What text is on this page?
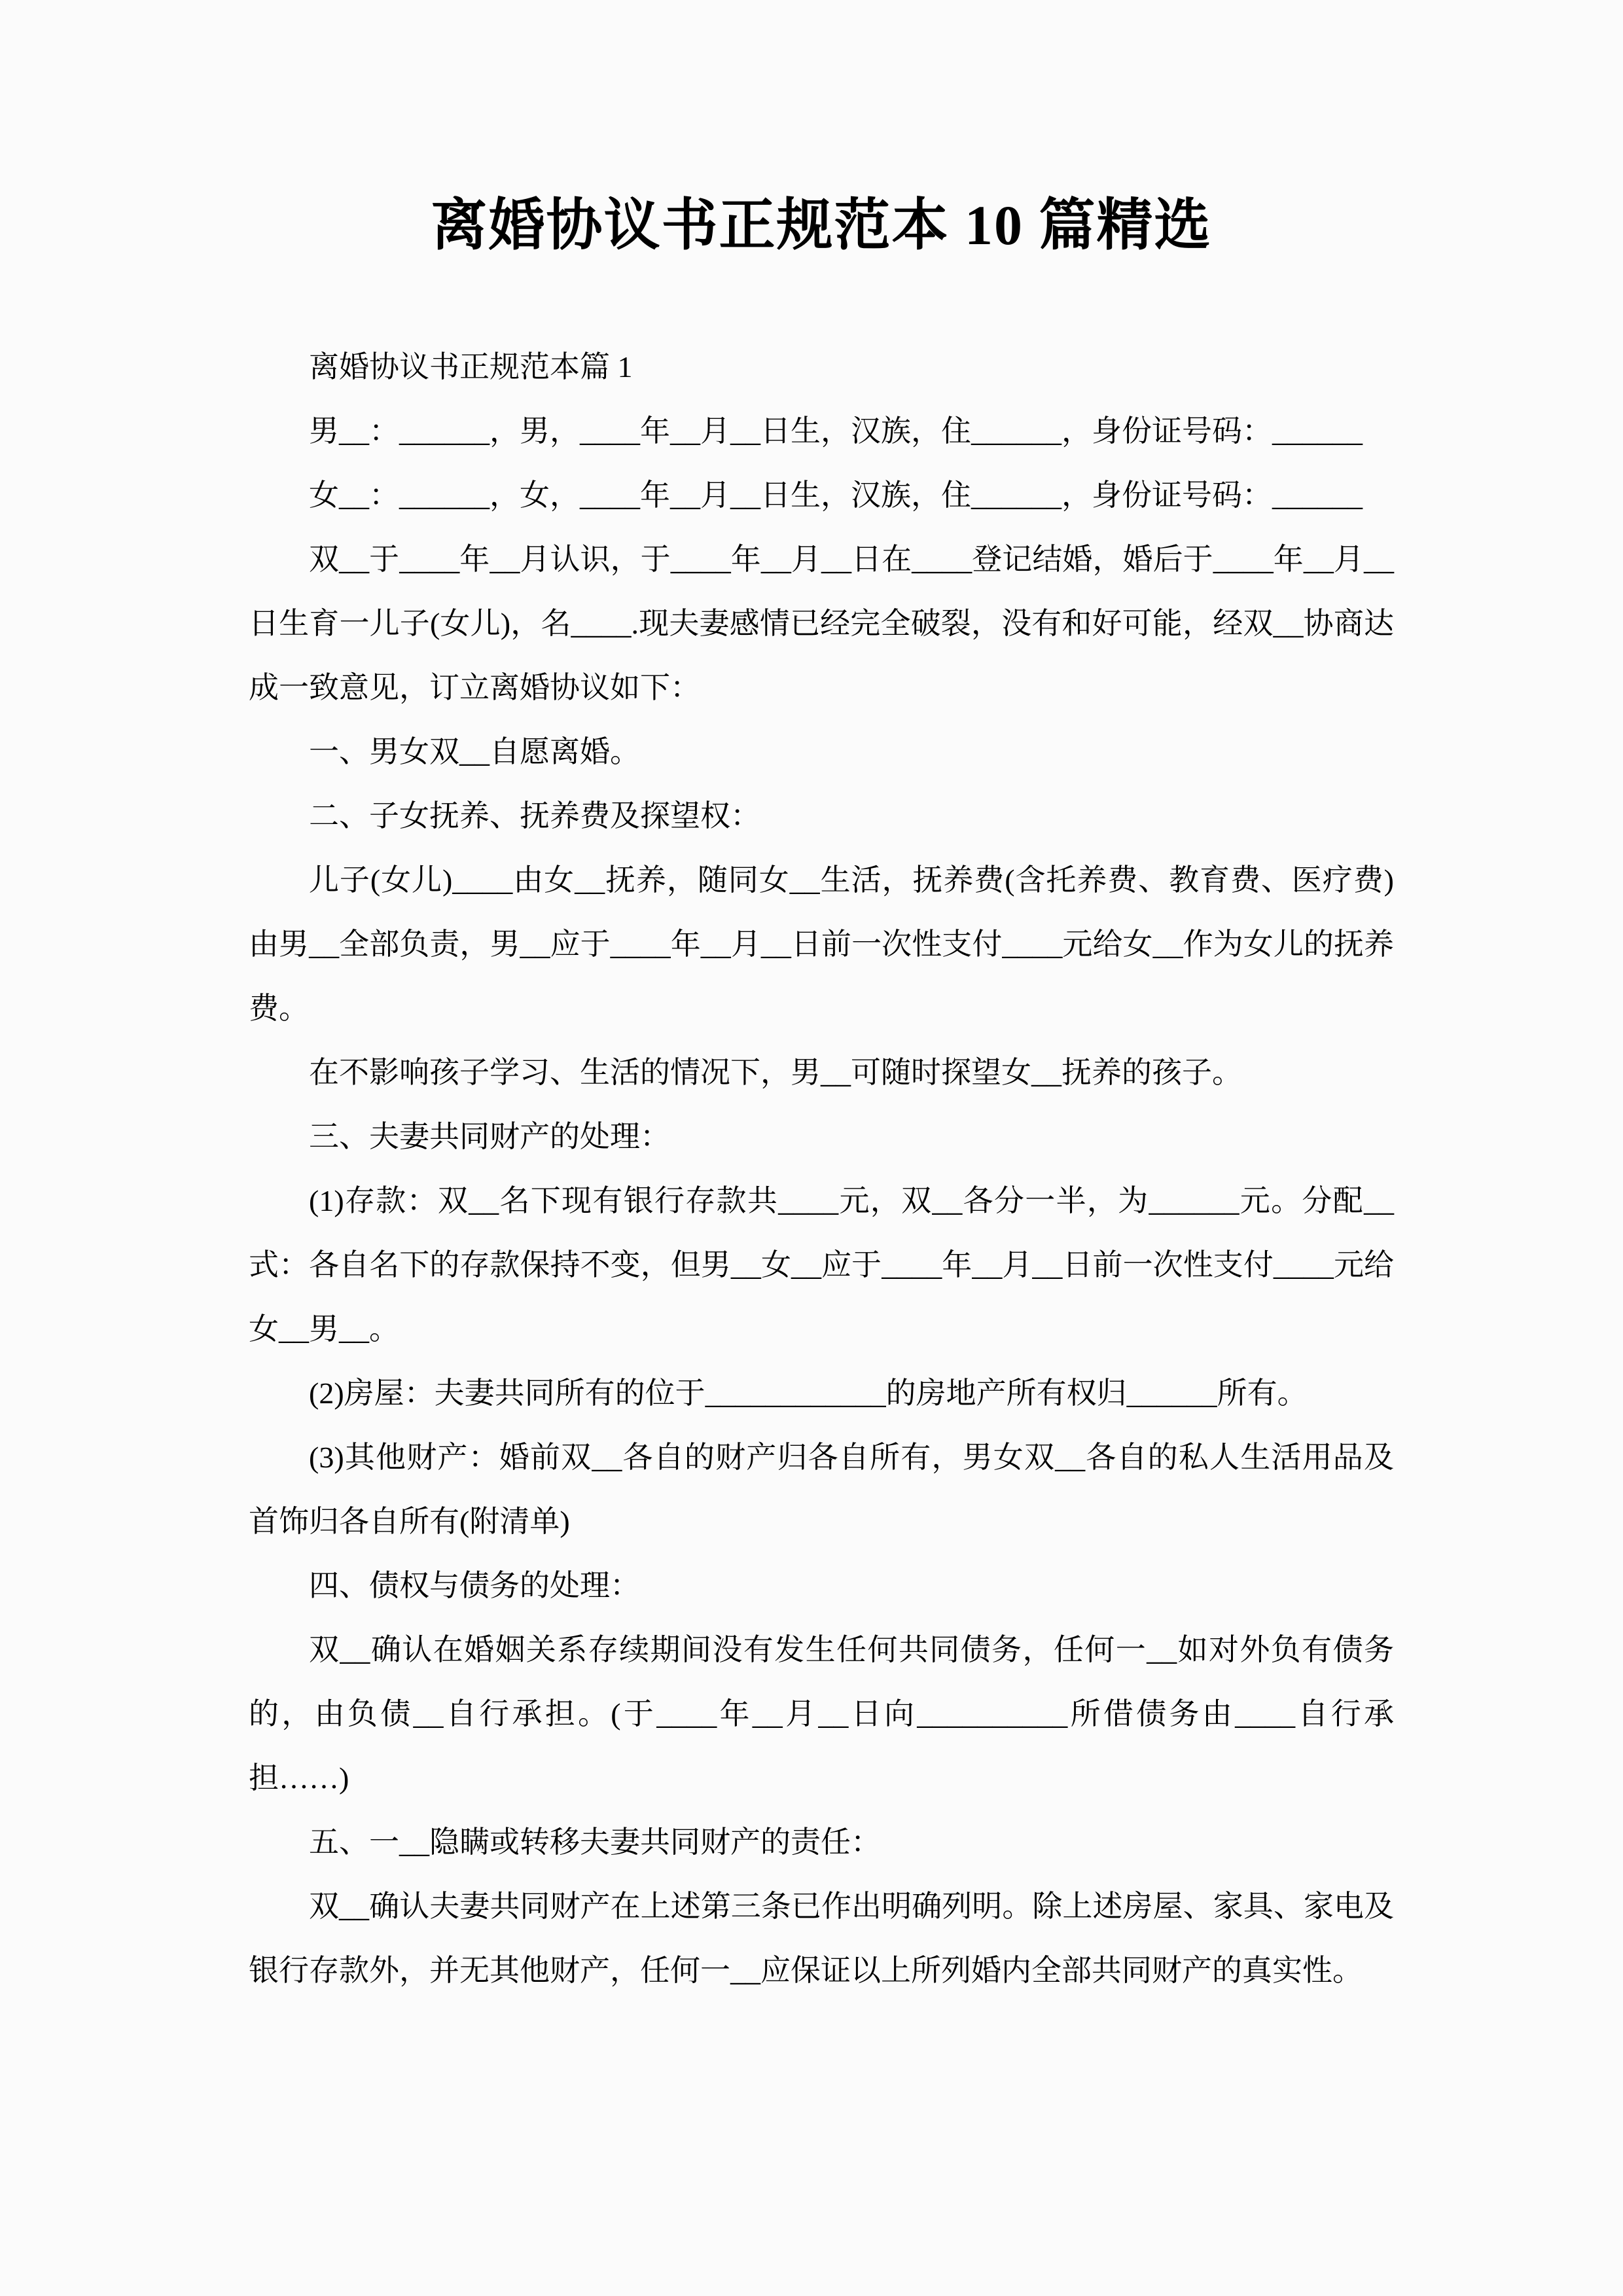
离婚协议书正规范本 10 篇精选

离婚协议书正规范本篇 1

男__：______，男，____年__月__日生，汉族，住______，身份证号码：______

女__：______，女，____年__月__日生，汉族，住______，身份证号码：______

双__于____年__月认识，于____年__月__日在____登记结婚，婚后于____年__月__日生育一儿子(女儿)，名____.现夫妻感情已经完全破裂，没有和好可能，经双__协商达成一致意见，订立离婚协议如下：

一、男女双__自愿离婚。

二、子女抚养、抚养费及探望权：

儿子(女儿)____由女__抚养，随同女__生活，抚养费(含托养费、教育费、医疗费)由男__全部负责，男__应于____年__月__日前一次性支付____元给女__作为女儿的抚养费。

在不影响孩子学习、生活的情况下，男__可随时探望女__抚养的孩子。

三、夫妻共同财产的处理：

(1)存款：双__名下现有银行存款共____元，双__各分一半，为______元。分配__式：各自名下的存款保持不变，但男__女__应于____年__月__日前一次性支付____元给女__男__。

(2)房屋：夫妻共同所有的位于____________的房地产所有权归______所有。

(3)其他财产：婚前双__各自的财产归各自所有，男女双__各自的私人生活用品及首饰归各自所有(附清单)

四、债权与债务的处理：

双__确认在婚姻关系存续期间没有发生任何共同债务，任何一__如对外负有债务的，由负债__自行承担。(于____年__月__日向__________所借债务由____自行承担……)

五、一__隐瞒或转移夫妻共同财产的责任：

双__确认夫妻共同财产在上述第三条已作出明确列明。除上述房屋、家具、家电及银行存款外，并无其他财产，任何一__应保证以上所列婚内全部共同财产的真实性。
